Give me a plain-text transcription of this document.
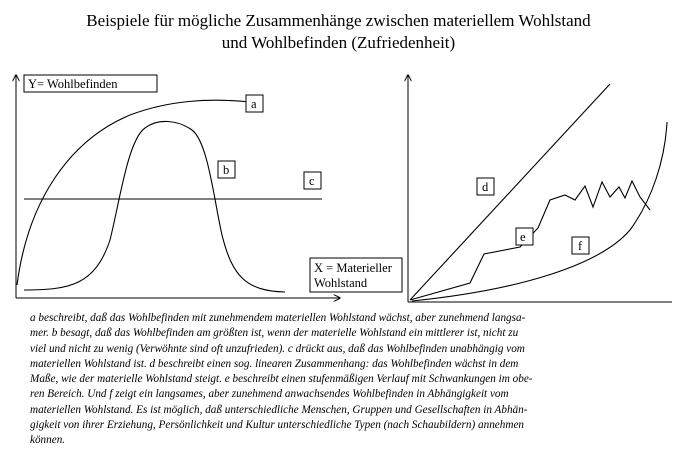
Beispiele für mögliche Zusammenhänge zwischen materiellem Wohlstand
und Wohlbefinden (Zufriedenheit)
Y= Wohlbefinden
X = Materieller
Wohlstand
a
b
c	d
f
e
a beschreibt, daß das Wohlbefinden mit zunehmendem materiellen Wohlstand wächst, aber zunehmend langsa-
mer. b besagt, daß das Wohlbefinden am größten ist, wenn der materielle Wohlstand ein mittlerer ist, nicht zu
viel und nicht zu wenig (Verwöhnte sind oft unzufrieden). c drückt aus, daß das Wohlbefinden unabhängig vom
materiellen Wohlstand ist. d beschreibt einen sog. linearen Zusammenhang: das Wohlbefinden wächst in dem
Maße, wie der materielle Wohlstand steigt. e beschreibt einen stufenmäßigen Verlauf mit Schwankungen im obe-
ren Bereich. Und f zeigt ein langsames, aber zunehmend anwachsendes Wohlbefinden in Abhängigkeit vom
materiellen Wohlstand. Es ist möglich, daß unterschiedliche Menschen, Gruppen und Gesellschaften in Abhän-
gigkeit von ihrer Erziehung, Persönlichkeit und Kultur unterschiedliche Typen (nach Schaubildern) annehmen
können.
